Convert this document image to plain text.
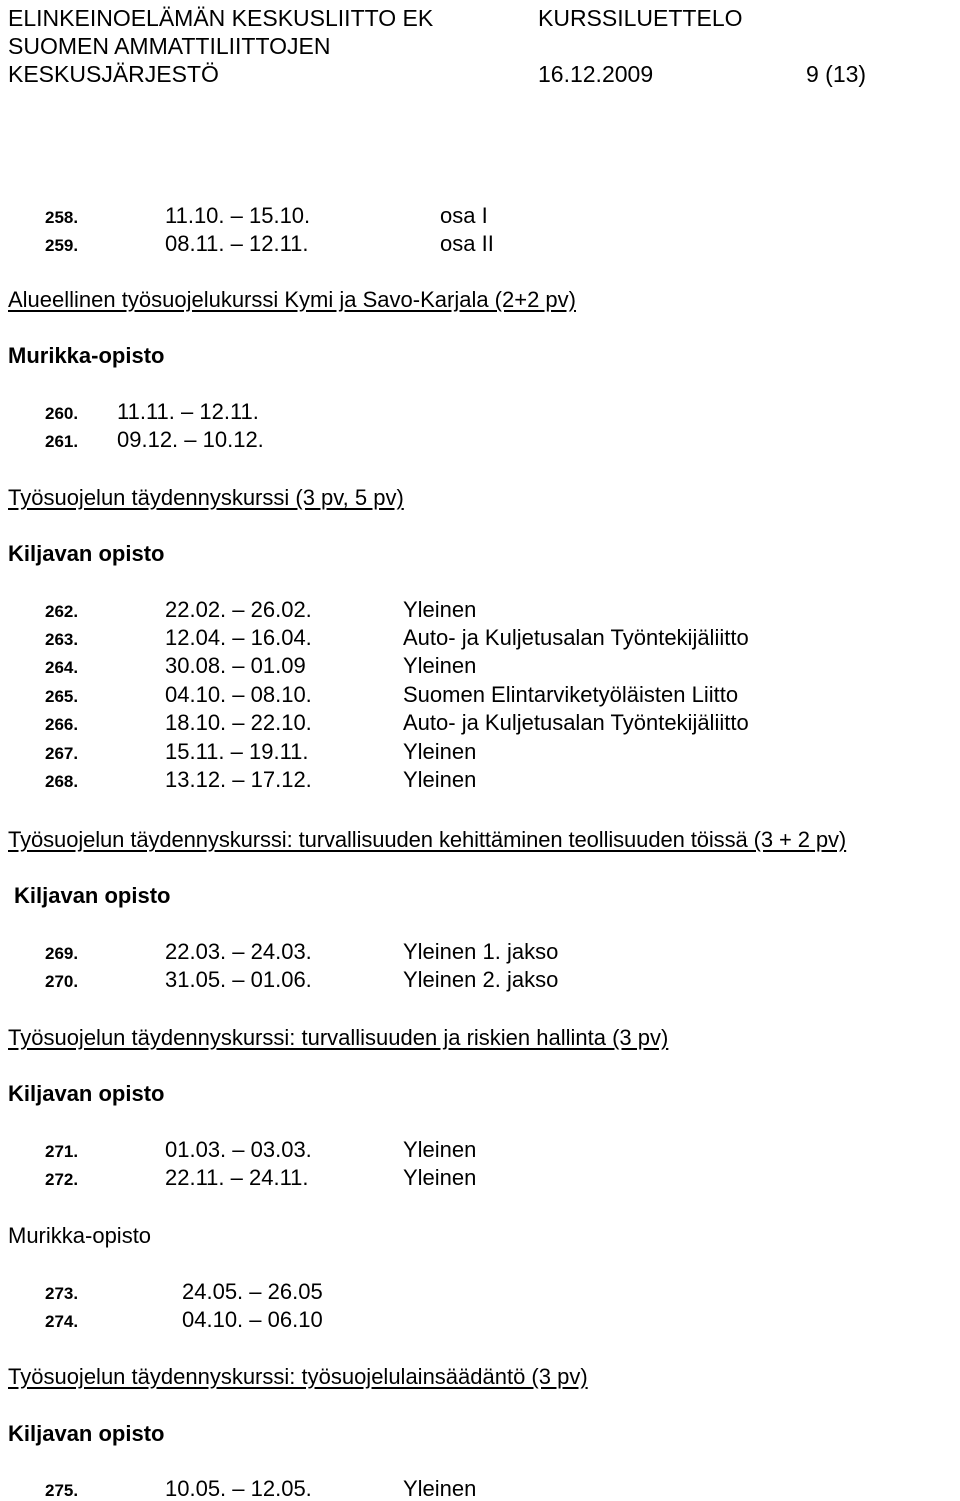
ELINKEINOELÄMÄN KESKUSLIITTO EK
SUOMEN AMMATTILIITTOJEN
KESKUSJÄRJESTÖ
KURSSILUETTELO
16.12.2009	9 (13)
258.	11.10. – 15.10.	osa I
259.	08.11. – 12.11.	osa II
Alueellinen työsuojelukurssi Kymi ja Savo-Karjala (2+2 pv)
Murikka-opisto
260. 11.11. – 12.11.
261. 09.12. – 10.12.
Työsuojelun täydennyskurssi (3 pv, 5 pv)
Kiljavan opisto
262.	22.02. – 26.02.	Yleinen
263.	12.04. – 16.04.	Auto- ja Kuljetusalan Työntekijäliitto
264.	30.08. – 01.09	Yleinen
265.	04.10. – 08.10.	Suomen Elintarviketyöläisten Liitto
266.	18.10. – 22.10.	Auto- ja Kuljetusalan Työntekijäliitto
267.	15.11. – 19.11.	Yleinen
268.	13.12. – 17.12.	Yleinen
Työsuojelun täydennyskurssi: turvallisuuden kehittäminen teollisuuden töissä (3 + 2 pv)
Kiljavan opisto
269.	22.03. – 24.03.	Yleinen 1. jakso
270.	31.05. – 01.06.	Yleinen 2. jakso
Työsuojelun täydennyskurssi: turvallisuuden ja riskien hallinta (3 pv)
Kiljavan opisto
271.	01.03. – 03.03.	Yleinen
272.	22.11. – 24.11.	Yleinen
Murikka-opisto
273.	24.05. – 26.05
274.	04.10. – 06.10
Työsuojelun täydennyskurssi: työsuojelulainsäädäntö (3 pv)
Kiljavan opisto
275.	10.05. – 12.05.	Yleinen
